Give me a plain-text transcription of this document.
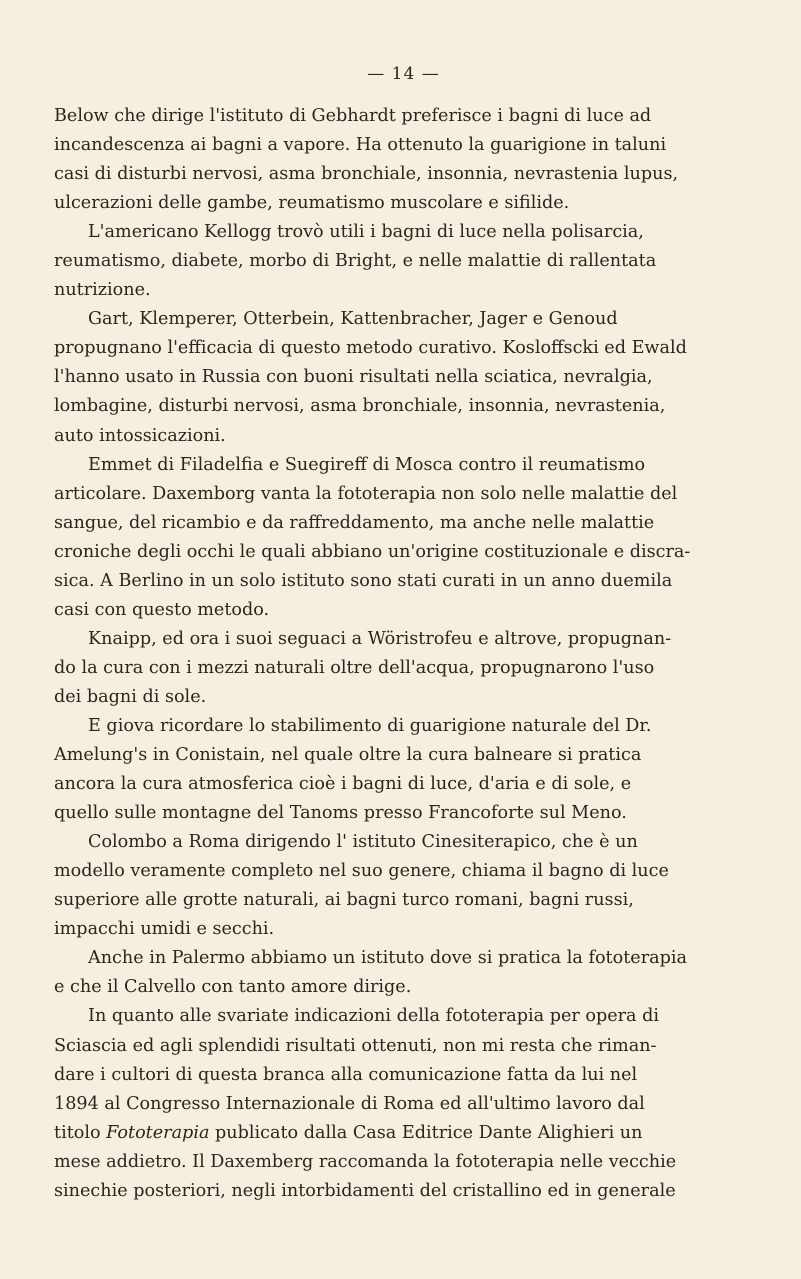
— 14 —
Below che dirige l'istituto di Gebhardt preferisce i bagni di luce ad
incandescenza ai bagni a vapore. Ha ottenuto la guarigione in taluni
casi di disturbi nervosi, asma bronchiale, insonnia, nevrastenia lupus,
ulcerazioni delle gambe, reumatismo muscolare e sifilide.
L'americano Kellogg trovò utili i bagni di luce nella polisarcia,
reumatismo, diabete, morbo di Bright, e nelle malattie di rallentata
nutrizione.
Gart, Klemperer, Otterbein, Kattenbracher, Jager e Genoud
propugnano l'efficacia di questo metodo curativo. Kosloffscki ed Ewald
l'hanno usato in Russia con buoni risultati nella sciatica, nevralgia,
lombagine, disturbi nervosi, asma bronchiale, insonnia, nevrastenia,
auto intossicazioni.
Emmet di Filadelfia e Suegireff di Mosca contro il reumatismo
articolare. Daxemborg vanta la fototerapia non solo nelle malattie del
sangue, del ricambio e da raffreddamento, ma anche nelle malattie
croniche degli occhi le quali abbiano un'origine costituzionale e discra-
sica. A Berlino in un solo istituto sono stati curati in un anno duemila
casi con questo metodo.
Knaipp, ed ora i suoi seguaci a Wöristrofeu e altrove, propugnan-
do la cura con i mezzi naturali oltre dell'acqua, propugnarono l'uso
dei bagni di sole.
E giova ricordare lo stabilimento di guarigione naturale del Dr.
Amelung's in Conistain, nel quale oltre la cura balneare si pratica
ancora la cura atmosferica cioè i bagni di luce, d'aria e di sole, e
quello sulle montagne del Tanoms presso Francoforte sul Meno.
Colombo a Roma dirigendo l' istituto Cinesiterapico, che è un
modello veramente completo nel suo genere, chiama il bagno di luce
superiore alle grotte naturali, ai bagni turco romani, bagni russi,
impacchi umidi e secchi.
Anche in Palermo abbiamo un istituto dove si pratica la fototerapia
e che il Calvello con tanto amore dirige.
In quanto alle svariate indicazioni della fototerapia per opera di
Sciascia ed agli splendidi risultati ottenuti, non mi resta che riman-
dare i cultori di questa branca alla comunicazione fatta da lui nel
1894 al Congresso Internazionale di Roma ed all'ultimo lavoro dal
titolo Fototerapia publicato dalla Casa Editrice Dante Alighieri un
mese addietro. Il Daxemberg raccomanda la fototerapia nelle vecchie
sinechie posteriori, negli intorbidamenti del cristallino ed in generale
